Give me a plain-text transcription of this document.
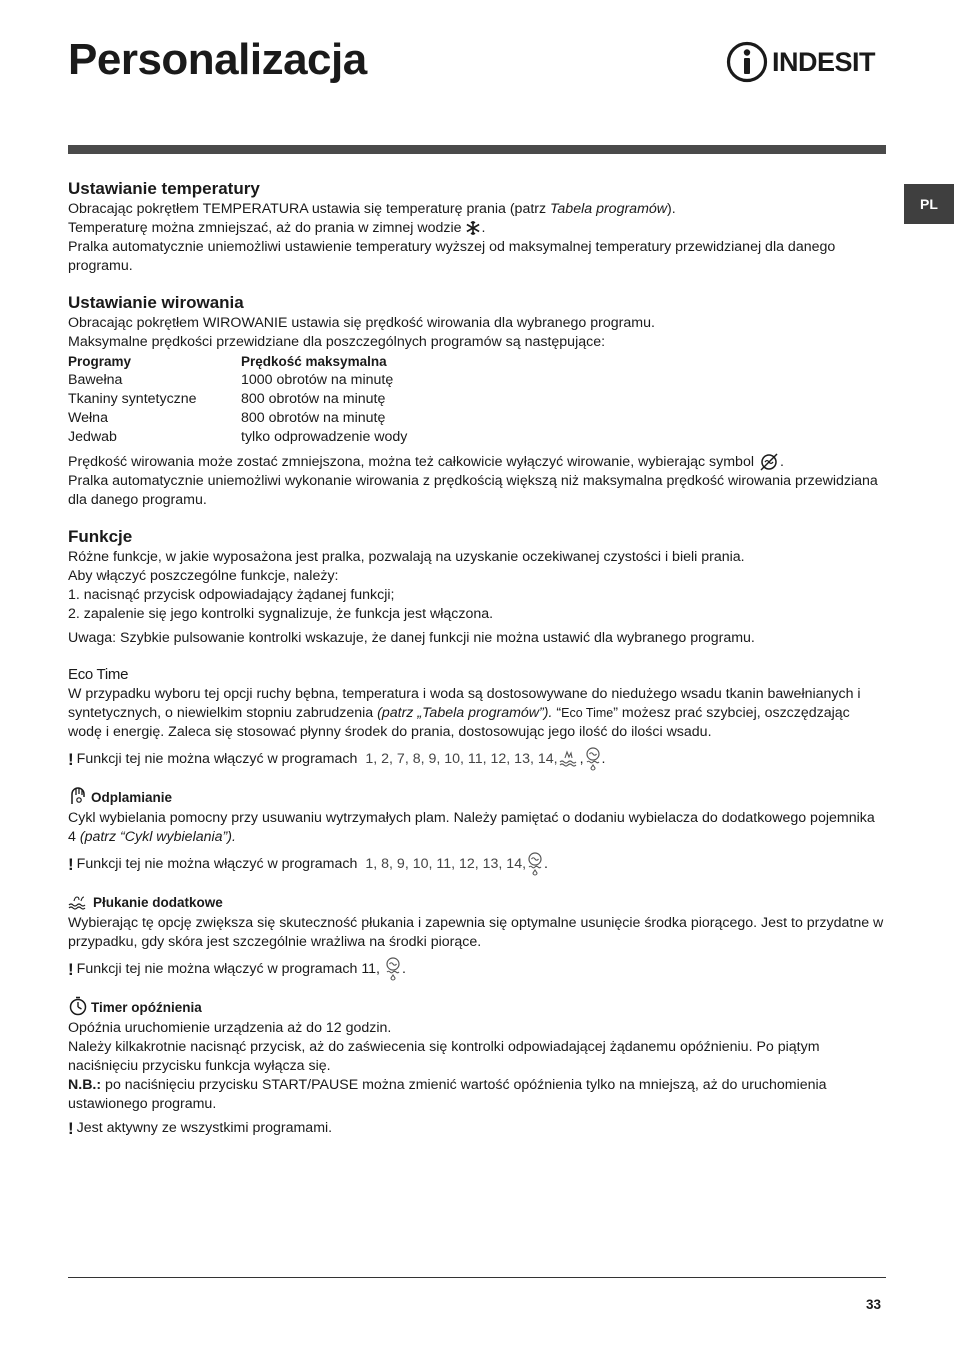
Personalizacja	INDESIT
PL
Ustawianie temperatury

Obracając pokrętłem TEMPERATURA ustawia się temperaturę prania (patrz Tabela programów).

Temperaturę można zmniejszać, aż do prania w zimnej wodzie .

Pralka automatycznie uniemożliwi ustawienie temperatury wyższej od maksymalnej temperatury przewidzianej dla danego programu.

Ustawianie wirowania

Obracając pokrętłem WIROWANIE ustawia się prędkość wirowania dla wybranego programu.

Maksymalne prędkości przewidziane dla poszczególnych programów są następujące:

Programy	Prędkość maksymalna
Bawełna	1000 obrotów na minutę
Tkaniny syntetyczne	800 obrotów na minutę
Wełna	800 obrotów na minutę
Jedwab	tylko odprowadzenie wody

Prędkość wirowania może zostać zmniejszona, można też całkowicie wyłączyć wirowanie, wybierając symbol .

Pralka automatycznie uniemożliwi wykonanie wirowania z prędkością większą niż maksymalna prędkość wirowania przewidziana dla danego programu.

Funkcje

Różne funkcje, w jakie wyposażona jest pralka, pozwalają na uzyskanie oczekiwanej czystości i bieli prania.

Aby włączyć poszczególne funkcje, należy:

1. nacisnąć przycisk odpowiadający żądanej funkcji;

2. zapalenie się jego kontrolki sygnalizuje, że funkcja jest włączona.

Uwaga: Szybkie pulsowanie kontrolki wskazuje, że danej funkcji nie można ustawić dla wybranego programu.

Eco Time

W przypadku wyboru tej opcji ruchy bębna, temperatura i woda są dostosowywane do niedużego wsadu tkanin bawełnianych i syntetycznych, o niewielkim stopniu zabrudzenia (patrz „Tabela programów”). “Eco Time” możesz prać szybciej, oszczędzając wodę i energię. Zaleca się stosować płynny środek do prania, dostosowując jego ilość do ilości wsadu.

! Funkcji tej nie można włączyć w programach 1, 2, 7, 8, 9, 10, 11, 12, 13, 14, , .
Odplamianie

Cykl wybielania pomocny przy usuwaniu wytrzymałych plam. Należy pamiętać o dodaniu wybielacza do dodatkowego pojemnika 4 (patrz “Cykl wybielania”).

! Funkcji tej nie można włączyć w programach 1, 8, 9, 10, 11, 12, 13, 14, .
Płukanie dodatkowe

Wybierając tę opcję zwiększa się skuteczność płukania i zapewnia się optymalne usunięcie środka piorącego. Jest to przydatne w przypadku, gdy skóra jest szczególnie wrażliwa na środki piorące.

! Funkcji tej nie można włączyć w programach 11, .
Timer opóźnienia

Opóźnia uruchomienie urządzenia aż do 12 godzin.

Należy kilkakrotnie nacisnąć przycisk, aż do zaświecenia się kontrolki odpowiadającej żądanemu opóźnieniu. Po piątym naciśnięciu przycisku funkcja wyłącza się.

N.B.: po naciśnięciu przycisku START/PAUSE można zmienić wartość opóźnienia tylko na mniejszą, aż do uruchomienia ustawionego programu.

! Jest aktywny ze wszystkimi programami.
33
